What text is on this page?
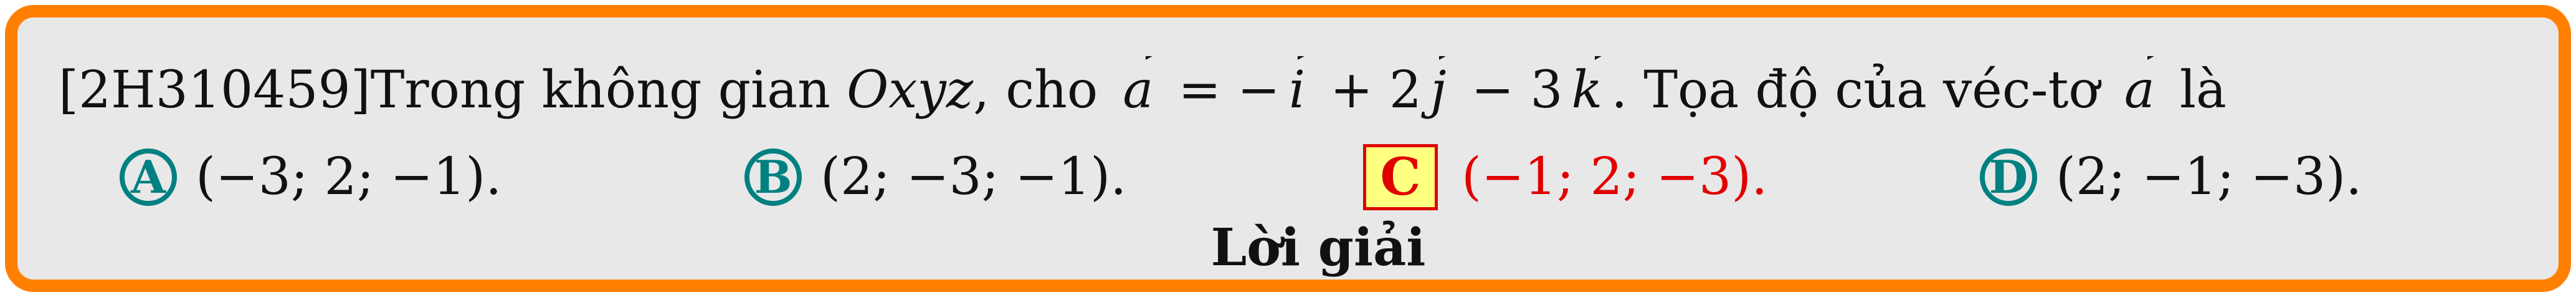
[2H310459]Trong không gian Oxyz, cho a = − i + 2 j − 3 k . Tọa độ của véc-tơ a là
A (−3; 2; −1).	B (2; −3; −1).	C (−1; 2; −3).	D (2; −1; −3).
Lời giải
